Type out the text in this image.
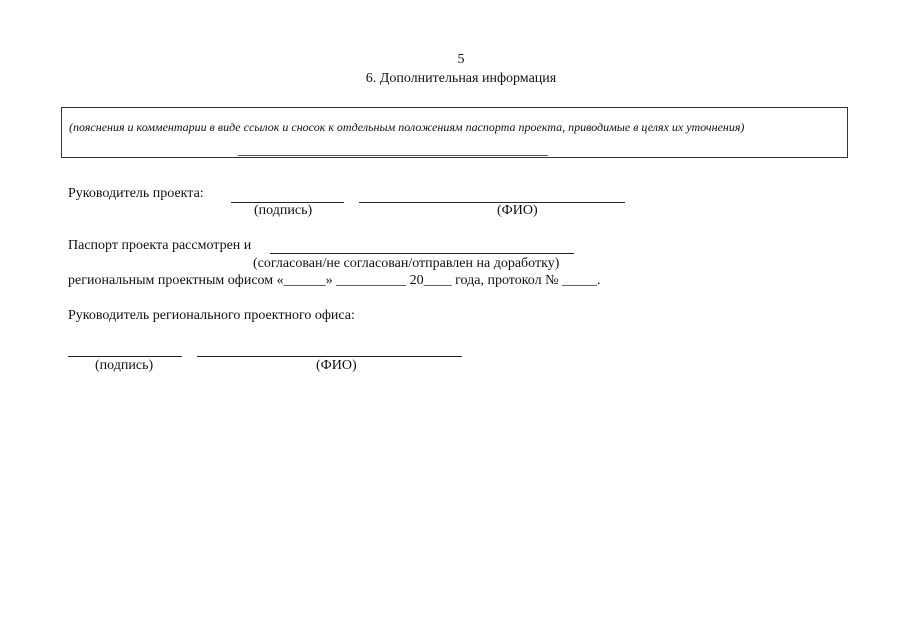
5
6. Дополнительная информация
(пояснения и комментарии в виде ссылок и сносок к отдельным положениям паспорта проекта, приводимые в целях их уточнения)
Руководитель проекта:
(подпись)	(ФИО)
Паспорт проекта рассмотрен и
(согласован/не согласован/отправлен на доработку)
региональным проектным офисом «______» __________ 20____ года, протокол № _____.
Руководитель регионального проектного офиса:
(подпись)	(ФИО)
